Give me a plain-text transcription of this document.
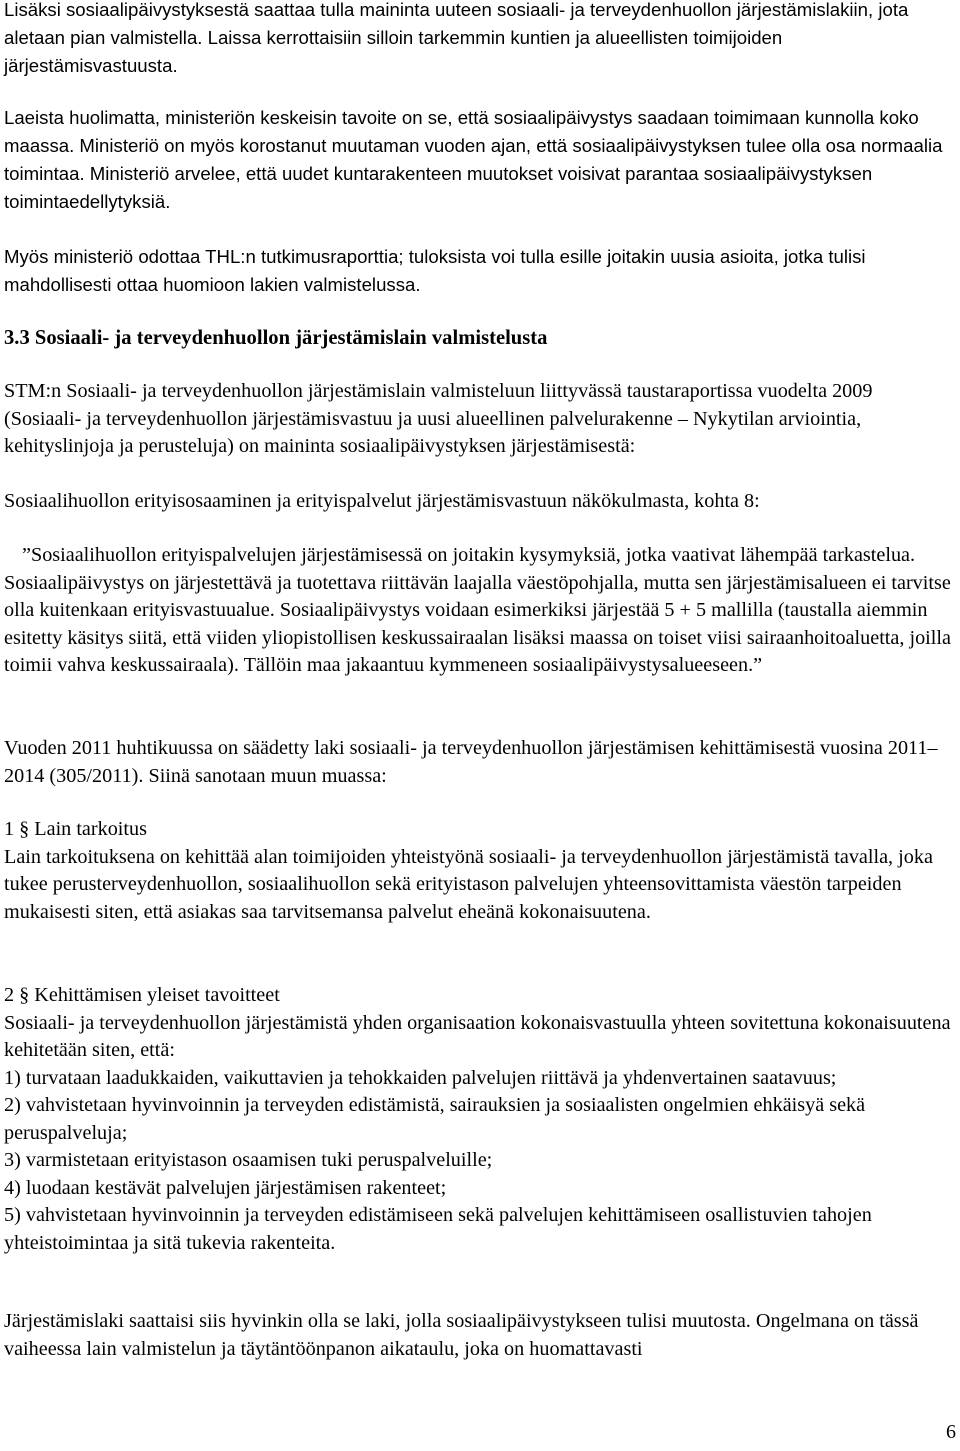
Lisäksi sosiaalipäivystyksestä saattaa tulla maininta uuteen sosiaali- ja terveydenhuollon järjestämislakiin, jota aletaan pian valmistella. Laissa kerrottaisiin silloin tarkemmin kuntien ja alueellisten toimijoiden järjestämisvastuusta.

Laeista huolimatta, ministeriön keskeisin tavoite on se, että sosiaalipäivystys saadaan toimimaan kunnolla koko maassa. Ministeriö on myös korostanut muutaman vuoden ajan, että sosiaalipäivystyksen tulee olla osa normaalia toimintaa. Ministeriö arvelee, että uudet kuntarakenteen muutokset voisivat parantaa sosiaalipäivystyksen toimintaedellytyksiä.

Myös ministeriö odottaa THL:n tutkimusraporttia; tuloksista voi tulla esille joitakin uusia asioita, jotka tulisi mahdollisesti ottaa huomioon lakien valmistelussa.

3.3 Sosiaali- ja terveydenhuollon järjestämislain valmistelusta

STM:n Sosiaali- ja terveydenhuollon järjestämislain valmisteluun liittyvässä taustaraportissa vuodelta 2009 (Sosiaali- ja terveydenhuollon järjestämisvastuu ja uusi alueellinen palvelurakenne – Nykytilan arviointia, kehityslinjoja ja perusteluja) on maininta sosiaalipäivystyksen järjestämisestä:

Sosiaalihuollon erityisosaaminen ja erityispalvelut järjestämisvastuun näkökulmasta, kohta 8:

”Sosiaalihuollon erityispalvelujen järjestämisessä on joitakin kysymyksiä, jotka vaativat lähempää tarkastelua. Sosiaalipäivystys on järjestettävä ja tuotettava riittävän laajalla väestöpohjalla, mutta sen järjestämisalueen ei tarvitse olla kuitenkaan erityisvastuualue. Sosiaalipäivystys voidaan esimerkiksi järjestää 5 + 5 mallilla (taustalla aiemmin esitetty käsitys siitä, että viiden yliopistollisen keskussairaalan lisäksi maassa on toiset viisi sairaanhoitoaluetta, joilla toimii vahva keskussairaala). Tällöin maa jakaantuu kymmeneen sosiaalipäivystysalueeseen.”

Vuoden 2011 huhtikuussa on säädetty laki sosiaali- ja terveydenhuollon järjestämisen kehittämisestä vuosina 2011–2014 (305/2011). Siinä sanotaan muun muassa:

1 § Lain tarkoitus

Lain tarkoituksena on kehittää alan toimijoiden yhteistyönä sosiaali- ja terveydenhuollon järjestämistä tavalla, joka tukee perusterveydenhuollon, sosiaalihuollon sekä erityistason palvelujen yhteensovittamista väestön tarpeiden mukaisesti siten, että asiakas saa tarvitsemansa palvelut eheänä kokonaisuutena.

2 § Kehittämisen yleiset tavoitteet

Sosiaali- ja terveydenhuollon järjestämistä yhden organisaation kokonaisvastuulla yhteen sovitettuna kokonaisuutena kehitetään siten, että:

1) turvataan laadukkaiden, vaikuttavien ja tehokkaiden palvelujen riittävä ja yhdenvertainen saatavuus;

2) vahvistetaan hyvinvoinnin ja terveyden edistämistä, sairauksien ja sosiaalisten ongelmien ehkäisyä sekä peruspalveluja;

3) varmistetaan erityistason osaamisen tuki peruspalveluille;

4) luodaan kestävät palvelujen järjestämisen rakenteet;

5) vahvistetaan hyvinvoinnin ja terveyden edistämiseen sekä palvelujen kehittämiseen osallistuvien tahojen yhteistoimintaa ja sitä tukevia rakenteita.

Järjestämislaki saattaisi siis hyvinkin olla se laki, jolla sosiaalipäivystykseen tulisi muutosta. Ongelmana on tässä vaiheessa lain valmistelun ja täytäntöönpanon aikataulu, joka on huomattavasti

6
